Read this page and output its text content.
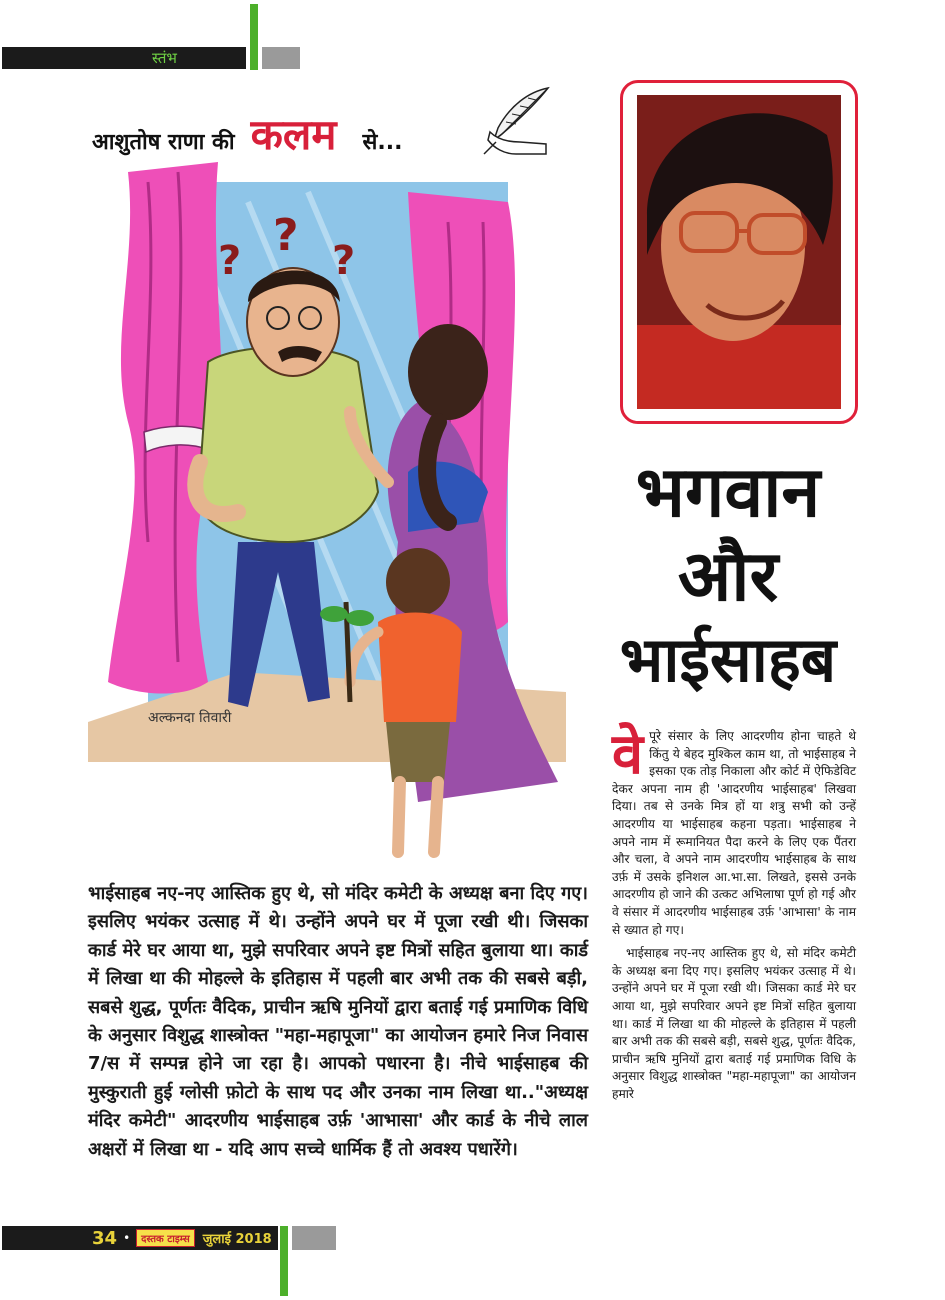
स्तंभ
आशुतोष राणा की कलम से...
? ? ?
अल्कनदा तिवारी
भगवान
और
भाईसाहब

भाईसाहब नए-नए आस्तिक हुए थे, सो मंदिर कमेटी के अध्यक्ष बना दिए गए। इसलिए भयंकर उत्साह में थे। उन्होंने अपने घर में पूजा रखी थी। जिसका कार्ड मेरे घर आया था, मुझे सपरिवार अपने इष्ट मित्रों सहित बुलाया था। कार्ड में लिखा था की मोहल्ले के इतिहास में पहली बार अभी तक की सबसे बड़ी, सबसे शुद्ध, पूर्णतः वैदिक, प्राचीन ऋषि मुनियों द्वारा बताई गई प्रमाणिक विधि के अनुसार विशुद्ध शास्त्रोक्त "महा-महापूजा" का आयोजन हमारे निज निवास 7/स में सम्पन्न होने जा रहा है। आपको पधारना है। नीचे भाईसाहब की मुस्कुराती हुई ग्लोसी फ़ोटो के साथ पद और उनका नाम लिखा था.."अध्यक्ष मंदिर कमेटी" आदरणीय भाईसाहब उर्फ़ 'आभासा' और कार्ड के नीचे लाल अक्षरों में लिखा था - यदि आप सच्चे धार्मिक हैं तो अवश्य पधारेंगे।

वेपूरे संसार के लिए आदरणीय होना चाहते थे किंतु ये बेहद मुश्किल काम था, तो भाईसाहब ने इसका एक तोड़ निकाला और कोर्ट में ऐफिडेविट देकर अपना नाम ही 'आदरणीय भाईसाहब' लिखवा दिया। तब से उनके मित्र हों या शत्रु सभी को उन्हें आदरणीय या भाईसाहब कहना पड़ता। भाईसाहब ने अपने नाम में रूमानियत पैदा करने के लिए एक पैंतरा और चला, वे अपने नाम आदरणीय भाईसाहब के साथ उर्फ़ में उसके इनिशल आ.भा.सा. लिखते, इससे उनके आदरणीय हो जाने की उत्कट अभिलाषा पूर्ण हो गई और वे संसार में आदरणीय भाईसाहब उर्फ़ 'आभासा' के नाम से ख्यात हो गए।

भाईसाहब नए-नए आस्तिक हुए थे, सो मंदिर कमेटी के अध्यक्ष बना दिए गए। इसलिए भयंकर उत्साह में थे। उन्होंने अपने घर में पूजा रखी थी। जिसका कार्ड मेरे घर आया था, मुझे सपरिवार अपने इष्ट मित्रों सहित बुलाया था। कार्ड में लिखा था की मोहल्ले के इतिहास में पहली बार अभी तक की सबसे बड़ी, सबसे शुद्ध, पूर्णतः वैदिक, प्राचीन ऋषि मुनियों द्वारा बताई गई प्रमाणिक विधि के अनुसार विशुद्ध शास्त्रोक्त "महा-महापूजा" का आयोजन हमारे

34 •	दस्तक टाइम्स	जुलाई 2018
